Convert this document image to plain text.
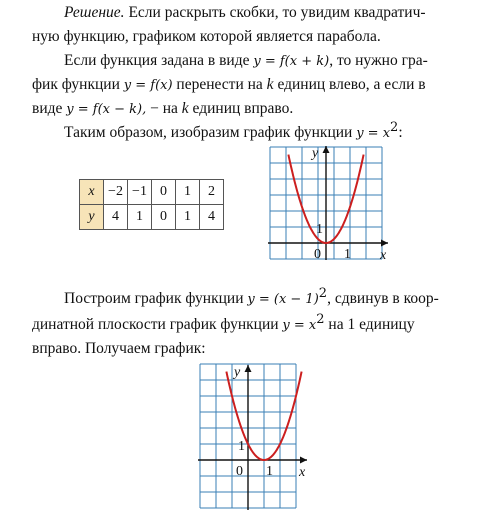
Решение. Если раскрыть скобки, то увидим квадратич-
ную функцию, графиком которой является парабола.
Если функция задана в виде y = f(x + k), то нужно гра-
фик функции y = f(x) перенести на k единиц влево, а если в
виде y = f(x − k), − на k единиц вправо.
Таким образом, изобразим график функции $y = x^2$:
x	−2	−1	0	1	2
y	4	1	0	1	4
y
x
0 1
1
Построим график функции $y = (x - 1)^2$, сдвинув в коор-
динатной плоскости график функции $y = x^2$ на 1 единицу
вправо. Получаем график:
y
x
0 1
1
